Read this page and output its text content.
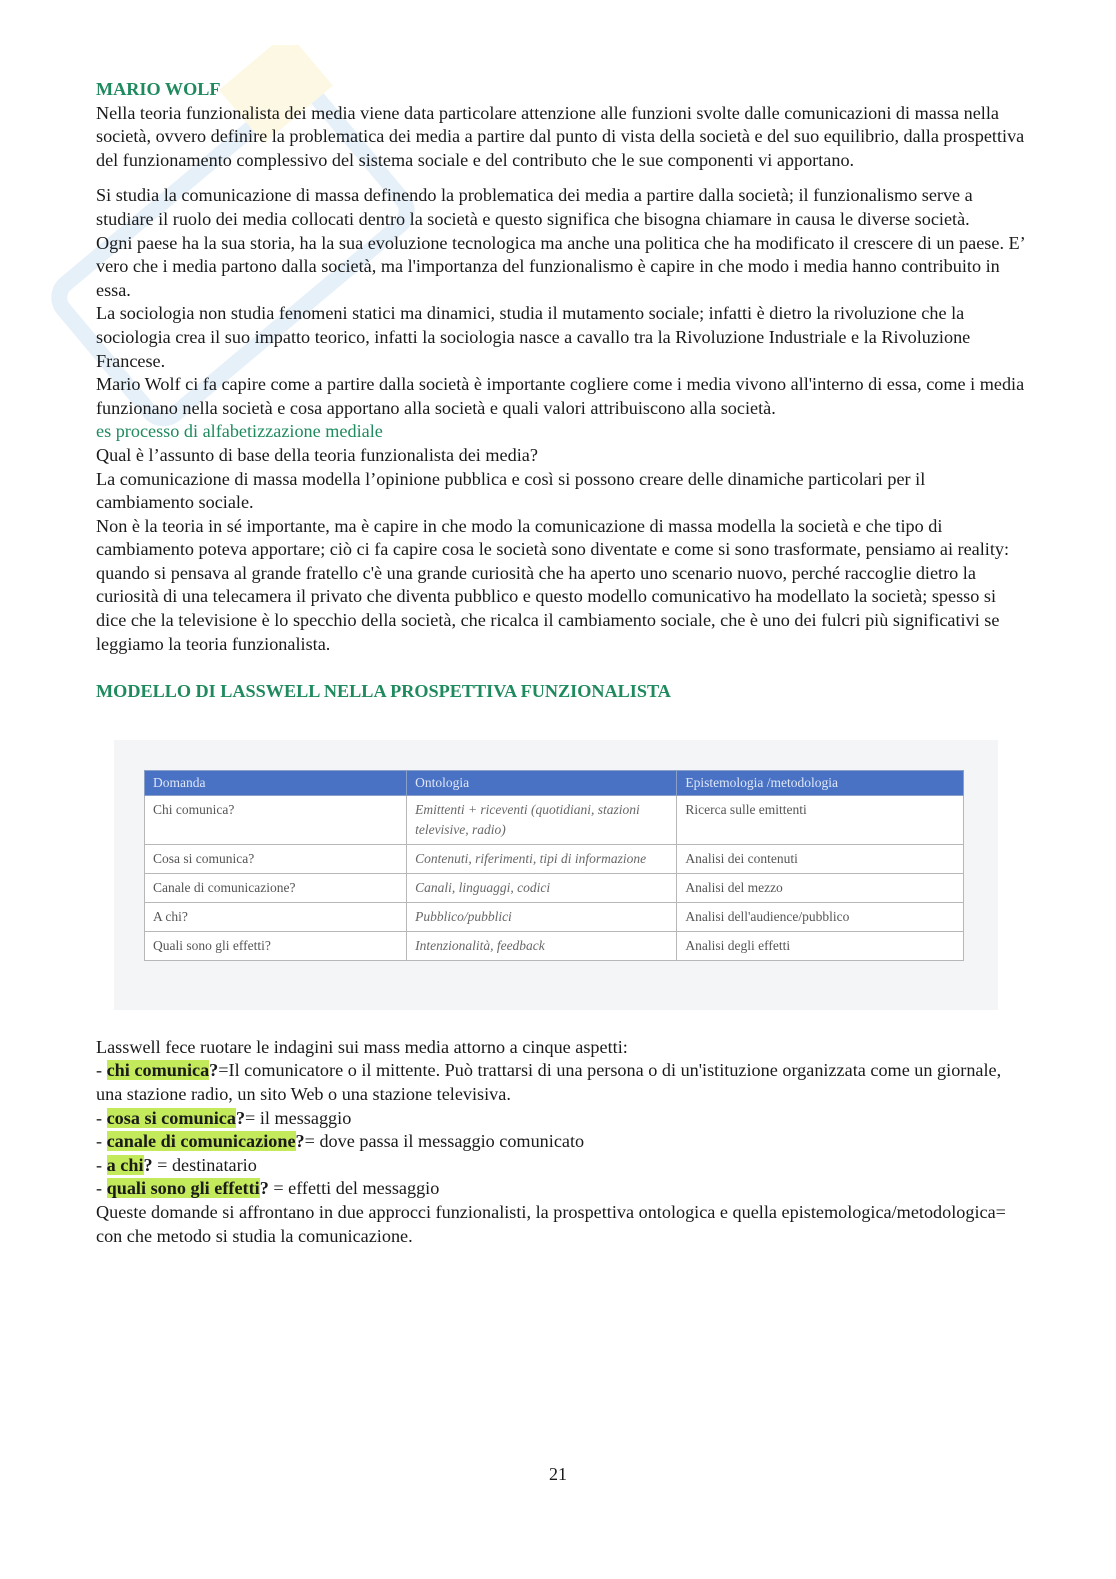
MARIO WOLF

Nella teoria funzionalista dei media viene data particolare attenzione alle funzioni svolte dalle comunicazioni di massa nella società, ovvero definire la problematica dei media a partire dal punto di vista della società e del suo equilibrio, dalla prospettiva del funzionamento complessivo del sistema sociale e del contributo che le sue componenti vi apportano.

Si studia la comunicazione di massa definendo la problematica dei media a partire dalla società; il funzionalismo serve a studiare il ruolo dei media collocati dentro la società e questo significa che bisogna chiamare in causa le diverse società.

Ogni paese ha la sua storia, ha la sua evoluzione tecnologica ma anche una politica che ha modificato il crescere di un paese. E’ vero che i media partono dalla società, ma l'importanza del funzionalismo è capire in che modo i media hanno contribuito in essa.

La sociologia non studia fenomeni statici ma dinamici, studia il mutamento sociale; infatti è dietro la rivoluzione che la sociologia crea il suo impatto teorico, infatti la sociologia nasce a cavallo tra la Rivoluzione Industriale e la Rivoluzione Francese.

Mario Wolf ci fa capire come a partire dalla società è importante cogliere come i media vivono all'interno di essa, come i media funzionano nella società e cosa apportano alla società e quali valori attribuiscono alla società.

es processo di alfabetizzazione mediale

Qual è l’assunto di base della teoria funzionalista dei media?

La comunicazione di massa modella l’opinione pubblica e così si possono creare delle dinamiche particolari per il cambiamento sociale.

Non è la teoria in sé importante, ma è capire in che modo la comunicazione di massa modella la società e che tipo di cambiamento poteva apportare; ciò ci fa capire cosa le società sono diventate e come si sono trasformate, pensiamo ai reality: quando si pensava al grande fratello c'è una grande curiosità che ha aperto uno scenario nuovo, perché raccoglie dietro la curiosità di una telecamera il privato che diventa pubblico e questo modello comunicativo ha modellato la società; spesso si dice che la televisione è lo specchio della società, che ricalca il cambiamento sociale, che è uno dei fulcri più significativi se leggiamo la teoria funzionalista.

MODELLO DI LASSWELL NELLA PROSPETTIVA FUNZIONALISTA

Domanda	Ontologia	Epistemologia /metodologia
Chi comunica?	Emittenti + riceventi (quotidiani, stazioni televisive, radio)	Ricerca sulle emittenti
Cosa si comunica?	Contenuti, riferimenti, tipi di informazione	Analisi dei contenuti
Canale di comunicazione?	Canali, linguaggi, codici	Analisi del mezzo
A chi?	Pubblico/pubblici	Analisi dell'audience/pubblico
Quali sono gli effetti?	Intenzionalità, feedback	Analisi degli effetti

Lasswell fece ruotare le indagini sui mass media attorno a cinque aspetti:

- chi comunica?=Il comunicatore o il mittente. Può trattarsi di una persona o di un'istituzione organizzata come un giornale, una stazione radio, un sito Web o una stazione televisiva.

- cosa si comunica?= il messaggio

- canale di comunicazione?= dove passa il messaggio comunicato

- a chi? = destinatario

- quali sono gli effetti? = effetti del messaggio

Queste domande si affrontano in due approcci funzionalisti, la prospettiva ontologica e quella epistemologica/metodologica= con che metodo si studia la comunicazione.

21
